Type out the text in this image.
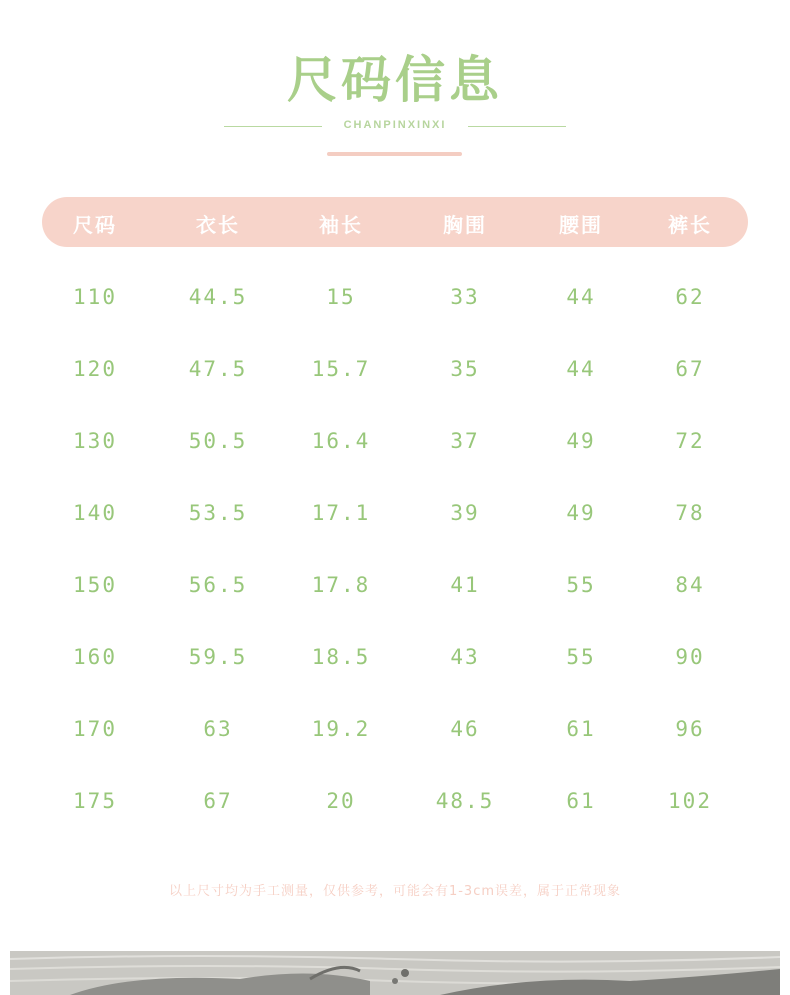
尺码信息
CHANPINXINXI
尺码	衣长	袖长	胸围	腰围	裤长
110	44.5	15	33	44	62
120	47.5	15.7	35	44	67
130	50.5	16.4	37	49	72
140	53.5	17.1	39	49	78
150	56.5	17.8	41	55	84
160	59.5	18.5	43	55	90
170	63	19.2	46	61	96
175	67	20	48.5	61	102
以上尺寸均为手工测量，仅供参考，可能会有1-3cm误差，属于正常现象
